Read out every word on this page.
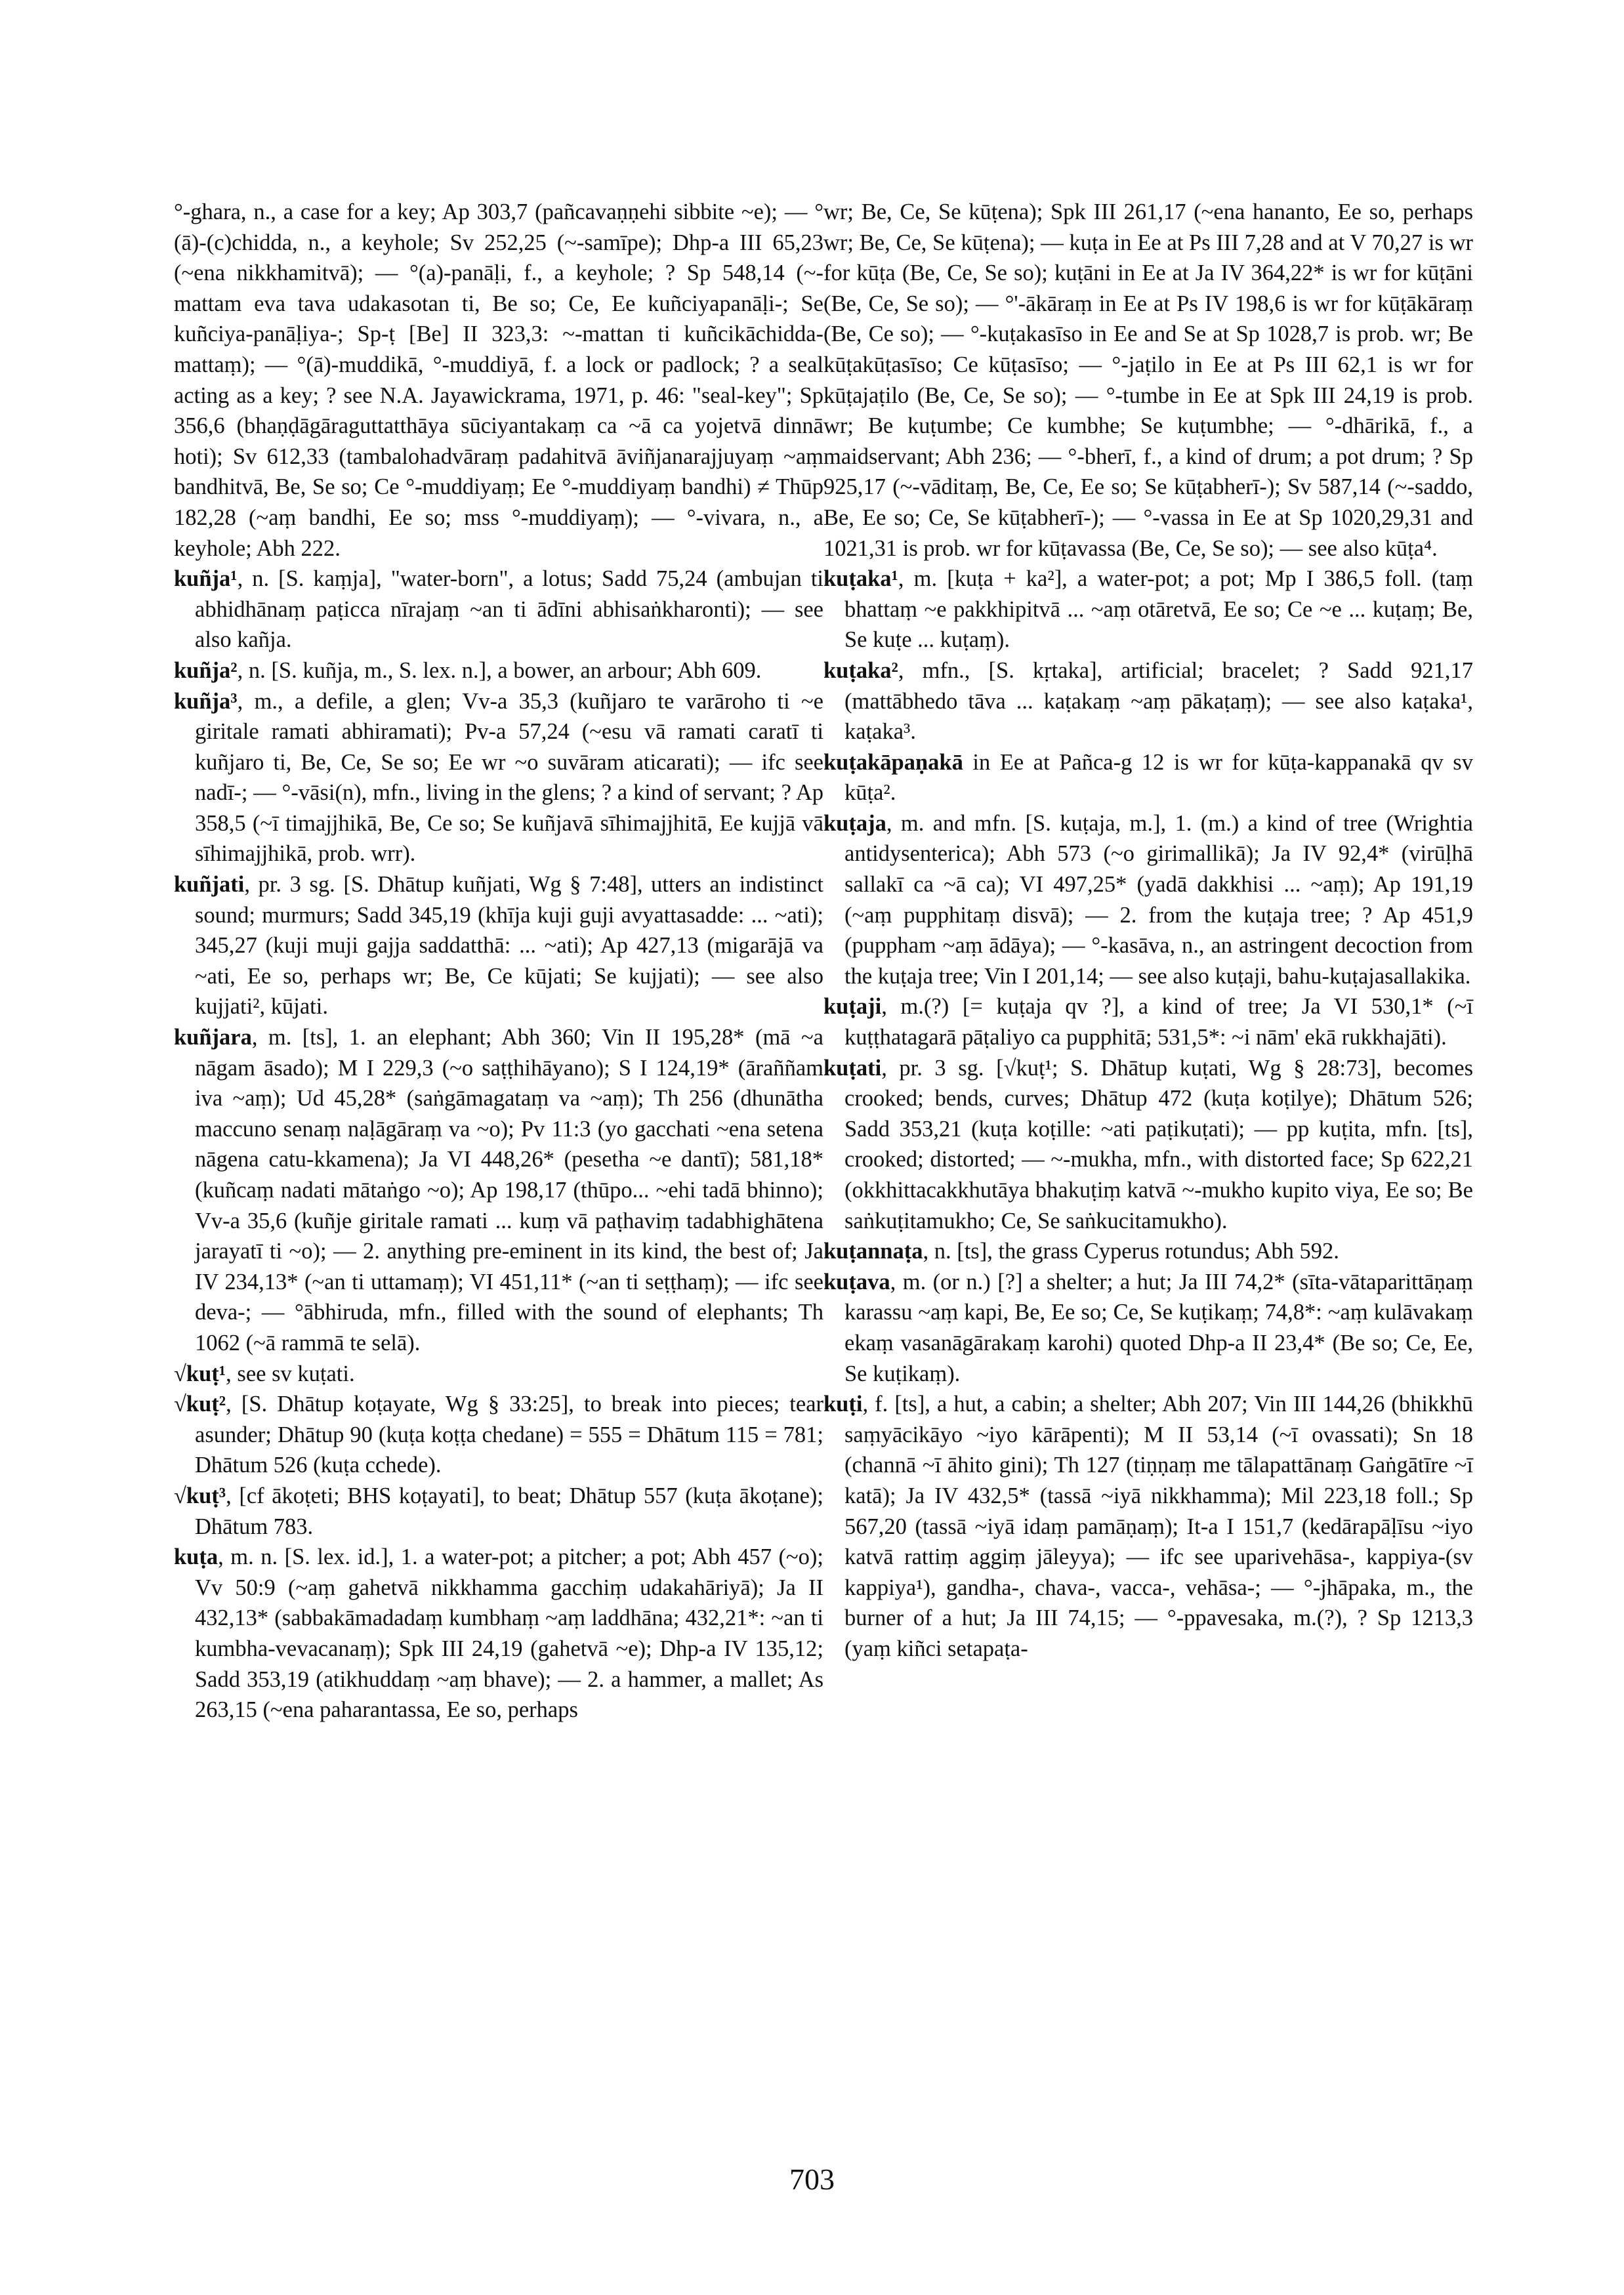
°-ghara, n., a case for a key; Ap 303,7 (pañcavaṇṇehi sibbite ~e); — °(ā)-(c)chidda, n., a keyhole; Sv 252,25 (~-samīpe); Dhp-a III 65,23 (~ena nikkhamitvā); — °(a)-panāḷi, f., a keyhole; ? Sp 548,14 (~-mattam eva tava udakasotan ti, Be so; Ce, Ee kuñciyapanāḷi-; Se kuñciya-panāḷiya-; Sp-ṭ [Be] II 323,3: ~-mattan ti kuñcikāchidda-mattaṃ); — °(ā)-muddikā, °-muddiyā, f. a lock or padlock; ? a seal acting as a key; ? see N.A. Jayawickrama, 1971, p. 46: "seal-key"; Sp 356,6 (bhaṇḍāgāraguttatthāya sūciyantakaṃ ca ~ā ca yojetvā dinnā hoti); Sv 612,33 (tambalohadvāraṃ padahitvā āviñjanarajjuyaṃ ~aṃ bandhitvā, Be, Se so; Ce °-muddiyaṃ; Ee °-muddiyaṃ bandhi) ≠ Thūp 182,28 (~aṃ bandhi, Ee so; mss °-muddiyaṃ); — °-vivara, n., a keyhole; Abh 222.

kuñja¹, n. [S. kaṃja], "water-born", a lotus; Sadd 75,24 (ambujan ti abhidhānaṃ paṭicca nīrajaṃ ~an ti ādīni abhisaṅkharonti); — see also kañja.

kuñja², n. [S. kuñja, m., S. lex. n.], a bower, an arbour; Abh 609.

kuñja³, m., a defile, a glen; Vv-a 35,3 (kuñjaro te varāroho ti ~e giritale ramati abhiramati); Pv-a 57,24 (~esu vā ramati caratī ti kuñjaro ti, Be, Ce, Se so; Ee wr ~o suvāram aticarati); — ifc see nadī-; — °-vāsi(n), mfn., living in the glens; ? a kind of servant; ? Ap 358,5 (~ī timajjhikā, Be, Ce so; Se kuñjavā sīhimajjhitā, Ee kujjā vā sīhimajjhikā, prob. wrr).

kuñjati, pr. 3 sg. [S. Dhātup kuñjati, Wg § 7:48], utters an indistinct sound; murmurs; Sadd 345,19 (khīja kuji guji avyattasadde: ... ~ati); 345,27 (kuji muji gajja saddatthā: ... ~ati); Ap 427,13 (migarājā va ~ati, Ee so, perhaps wr; Be, Ce kūjati; Se kujjati); — see also kujjati², kūjati.

kuñjara, m. [ts], 1. an elephant; Abh 360; Vin II 195,28* (mā ~a nāgam āsado); M I 229,3 (~o saṭṭhihāyano); S I 124,19* (āraññam iva ~aṃ); Ud 45,28* (saṅgāmagataṃ va ~aṃ); Th 256 (dhunātha maccuno senaṃ naḷāgāraṃ va ~o); Pv 11:3 (yo gacchati ~ena setena nāgena catu-kkamena); Ja VI 448,26* (pesetha ~e dantī); 581,18* (kuñcaṃ nadati mātaṅgo ~o); Ap 198,17 (thūpo... ~ehi tadā bhinno); Vv-a 35,6 (kuñje giritale ramati ... kuṃ vā paṭhaviṃ tadabhighātena jarayatī ti ~o); — 2. anything pre-eminent in its kind, the best of; Ja IV 234,13* (~an ti uttamaṃ); VI 451,11* (~an ti seṭṭhaṃ); — ifc see deva-; — °ābhiruda, mfn., filled with the sound of elephants; Th 1062 (~ā rammā te selā).

√kuṭ¹, see sv kuṭati.

√kuṭ², [S. Dhātup koṭayate, Wg § 33:25], to break into pieces; tear asunder; Dhātup 90 (kuṭa koṭṭa chedane) = 555 = Dhātum 115 = 781; Dhātum 526 (kuṭa cchede).

√kuṭ³, [cf ākoṭeti; BHS koṭayati], to beat; Dhātup 557 (kuṭa ākoṭane); Dhātum 783.

kuṭa, m. n. [S. lex. id.], 1. a water-pot; a pitcher; a pot; Abh 457 (~o); Vv 50:9 (~aṃ gahetvā nikkhamma gacchiṃ udakahāriyā); Ja II 432,13* (sabbakāmadadaṃ kumbhaṃ ~aṃ laddhāna; 432,21*: ~an ti kumbha-vevacanaṃ); Spk III 24,19 (gahetvā ~e); Dhp-a IV 135,12; Sadd 353,19 (atikhuddaṃ ~aṃ bhave); — 2. a hammer, a mallet; As 263,15 (~ena paharantassa, Ee so, perhaps

wr; Be, Ce, Se kūṭena); Spk III 261,17 (~ena hananto, Ee so, perhaps wr; Be, Ce, Se kūṭena); — kuṭa in Ee at Ps III 7,28 and at V 70,27 is wr for kūṭa (Be, Ce, Se so); kuṭāni in Ee at Ja IV 364,22* is wr for kūṭāni (Be, Ce, Se so); — °'-ākāraṃ in Ee at Ps IV 198,6 is wr for kūṭākāraṃ (Be, Ce so); — °-kuṭakasīso in Ee and Se at Sp 1028,7 is prob. wr; Be kūṭakūṭasīso; Ce kūṭasīso; — °-jaṭilo in Ee at Ps III 62,1 is wr for kūṭajaṭilo (Be, Ce, Se so); — °-tumbe in Ee at Spk III 24,19 is prob. wr; Be kuṭumbe; Ce kumbhe; Se kuṭumbhe; — °-dhārikā, f., a maidservant; Abh 236; — °-bherī, f., a kind of drum; a pot drum; ? Sp 925,17 (~-vāditaṃ, Be, Ce, Ee so; Se kūṭabherī-); Sv 587,14 (~-saddo, Be, Ee so; Ce, Se kūṭabherī-); — °-vassa in Ee at Sp 1020,29,31 and 1021,31 is prob. wr for kūṭavassa (Be, Ce, Se so); — see also kūṭa⁴.

kuṭaka¹, m. [kuṭa + ka²], a water-pot; a pot; Mp I 386,5 foll. (taṃ bhattaṃ ~e pakkhipitvā ... ~aṃ otāretvā, Ee so; Ce ~e ... kuṭaṃ; Be, Se kuṭe ... kuṭaṃ).

kuṭaka², mfn., [S. kṛtaka], artificial; bracelet; ? Sadd 921,17 (mattābhedo tāva ... kaṭakaṃ ~aṃ pākaṭaṃ); — see also kaṭaka¹, kaṭaka³.

kuṭakāpaṇakā in Ee at Pañca-g 12 is wr for kūṭa-kappanakā qv sv kūṭa².

kuṭaja, m. and mfn. [S. kuṭaja, m.], 1. (m.) a kind of tree (Wrightia antidysenterica); Abh 573 (~o girimallikā); Ja IV 92,4* (virūḷhā sallakī ca ~ā ca); VI 497,25* (yadā dakkhisi ... ~aṃ); Ap 191,19 (~aṃ pupphitaṃ disvā); — 2. from the kuṭaja tree; ? Ap 451,9 (puppham ~aṃ ādāya); — °-kasāva, n., an astringent decoction from the kuṭaja tree; Vin I 201,14; — see also kuṭaji, bahu-kuṭajasallakika.

kuṭaji, m.(?) [= kuṭaja qv ?], a kind of tree; Ja VI 530,1* (~ī kuṭṭhatagarā pāṭaliyo ca pupphitā; 531,5*: ~i nām' ekā rukkhajāti).

kuṭati, pr. 3 sg. [√kuṭ¹; S. Dhātup kuṭati, Wg § 28:73], becomes crooked; bends, curves; Dhātup 472 (kuṭa koṭilye); Dhātum 526; Sadd 353,21 (kuṭa koṭille: ~ati paṭikuṭati); — pp kuṭita, mfn. [ts], crooked; distorted; — ~-mukha, mfn., with distorted face; Sp 622,21 (okkhittacakkhutāya bhakuṭiṃ katvā ~-mukho kupito viya, Ee so; Be saṅkuṭitamukho; Ce, Se saṅkucitamukho).

kuṭannaṭa, n. [ts], the grass Cyperus rotundus; Abh 592.

kuṭava, m. (or n.) [?] a shelter; a hut; Ja III 74,2* (sīta-vātaparittāṇaṃ karassu ~aṃ kapi, Be, Ee so; Ce, Se kuṭikaṃ; 74,8*: ~aṃ kulāvakaṃ ekaṃ vasanāgārakaṃ karohi) quoted Dhp-a II 23,4* (Be so; Ce, Ee, Se kuṭikaṃ).

kuṭi, f. [ts], a hut, a cabin; a shelter; Abh 207; Vin III 144,26 (bhikkhū saṃyācikāyo ~iyo kārāpenti); M II 53,14 (~ī ovassati); Sn 18 (channā ~ī āhito gini); Th 127 (tiṇṇaṃ me tālapattānaṃ Gaṅgātīre ~ī katā); Ja IV 432,5* (tassā ~iyā nikkhamma); Mil 223,18 foll.; Sp 567,20 (tassā ~iyā idaṃ pamāṇaṃ); It-a I 151,7 (kedārapāḷīsu ~iyo katvā rattiṃ aggiṃ jāleyya); — ifc see uparivehāsa-, kappiya-(sv kappiya¹), gandha-, chava-, vacca-, vehāsa-; — °-jhāpaka, m., the burner of a hut; Ja III 74,15; — °-ppavesaka, m.(?), ? Sp 1213,3 (yaṃ kiñci setapaṭa-

703
